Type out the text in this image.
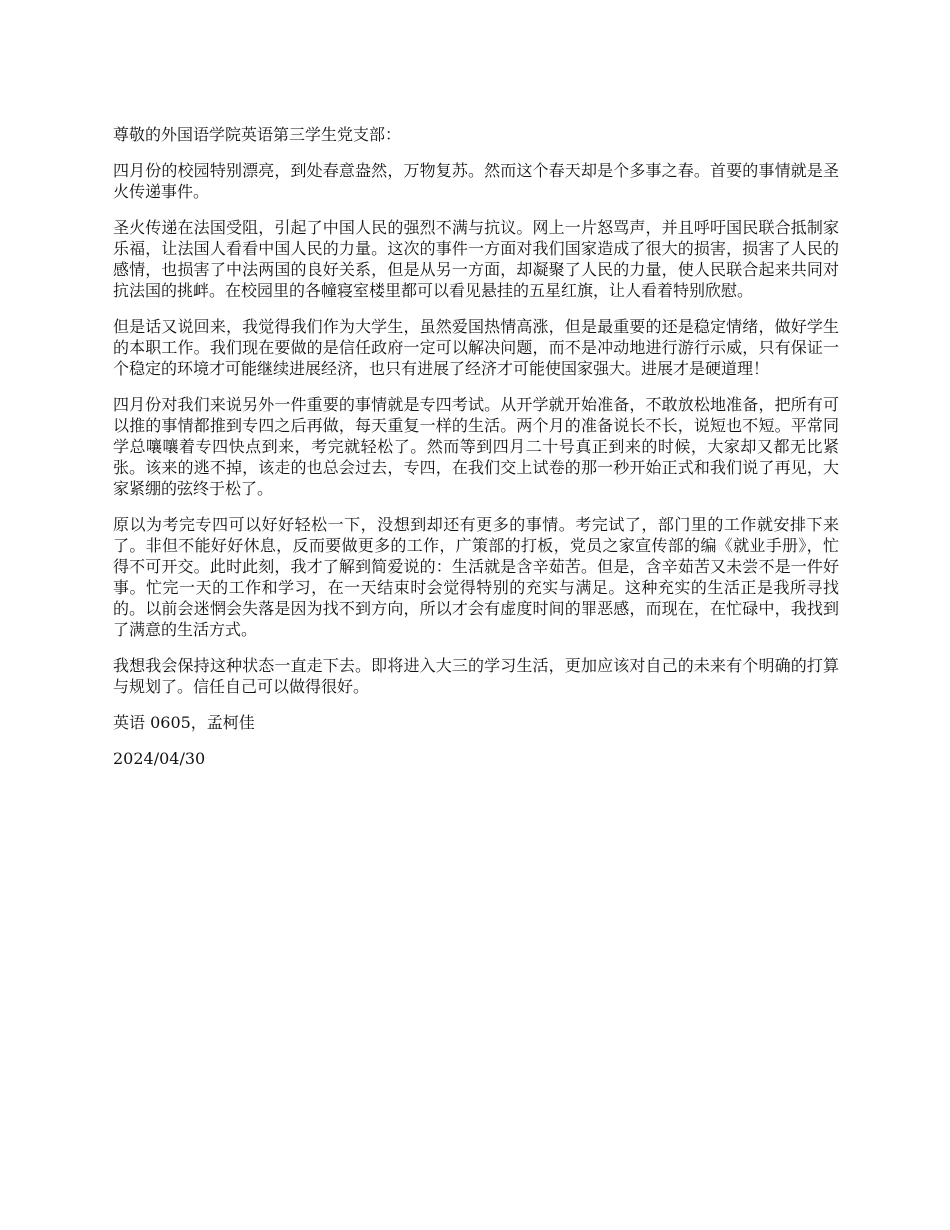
尊敬的外国语学院英语第三学生党支部：

四月份的校园特别漂亮，到处春意盎然，万物复苏。然而这个春天却是个多事之春。首要的事情就是圣火传递事件。

圣火传递在法国受阻，引起了中国人民的强烈不满与抗议。网上一片怒骂声，并且呼吁国民联合抵制家乐福，让法国人看看中国人民的力量。这次的事件一方面对我们国家造成了很大的损害，损害了人民的感情，也损害了中法两国的良好关系，但是从另一方面，却凝聚了人民的力量，使人民联合起来共同对抗法国的挑衅。在校园里的各幢寝室楼里都可以看见悬挂的五星红旗，让人看着特别欣慰。

但是话又说回来，我觉得我们作为大学生，虽然爱国热情高涨，但是最重要的还是稳定情绪，做好学生的本职工作。我们现在要做的是信任政府一定可以解决问题，而不是冲动地进行游行示威，只有保证一个稳定的环境才可能继续进展经济，也只有进展了经济才可能使国家强大。进展才是硬道理！

四月份对我们来说另外一件重要的事情就是专四考试。从开学就开始准备，不敢放松地准备，把所有可以推的事情都推到专四之后再做，每天重复一样的生活。两个月的准备说长不长，说短也不短。平常同学总嚷嚷着专四快点到来，考完就轻松了。然而等到四月二十号真正到来的时候，大家却又都无比紧张。该来的逃不掉，该走的也总会过去，专四，在我们交上试卷的那一秒开始正式和我们说了再见，大家紧绷的弦终于松了。

原以为考完专四可以好好轻松一下，没想到却还有更多的事情。考完试了，部门里的工作就安排下来了。非但不能好好休息，反而要做更多的工作，广策部的打板，党员之家宣传部的编《就业手册》，忙得不可开交。此时此刻，我才了解到简爱说的：生活就是含辛茹苦。但是，含辛茹苦又未尝不是一件好事。忙完一天的工作和学习，在一天结束时会觉得特别的充实与满足。这种充实的生活正是我所寻找的。以前会迷惘会失落是因为找不到方向，所以才会有虚度时间的罪恶感，而现在，在忙碌中，我找到了满意的生活方式。

我想我会保持这种状态一直走下去。即将进入大三的学习生活，更加应该对自己的未来有个明确的打算与规划了。信任自己可以做得很好。

英语 0605，孟柯佳

2024/04/30
